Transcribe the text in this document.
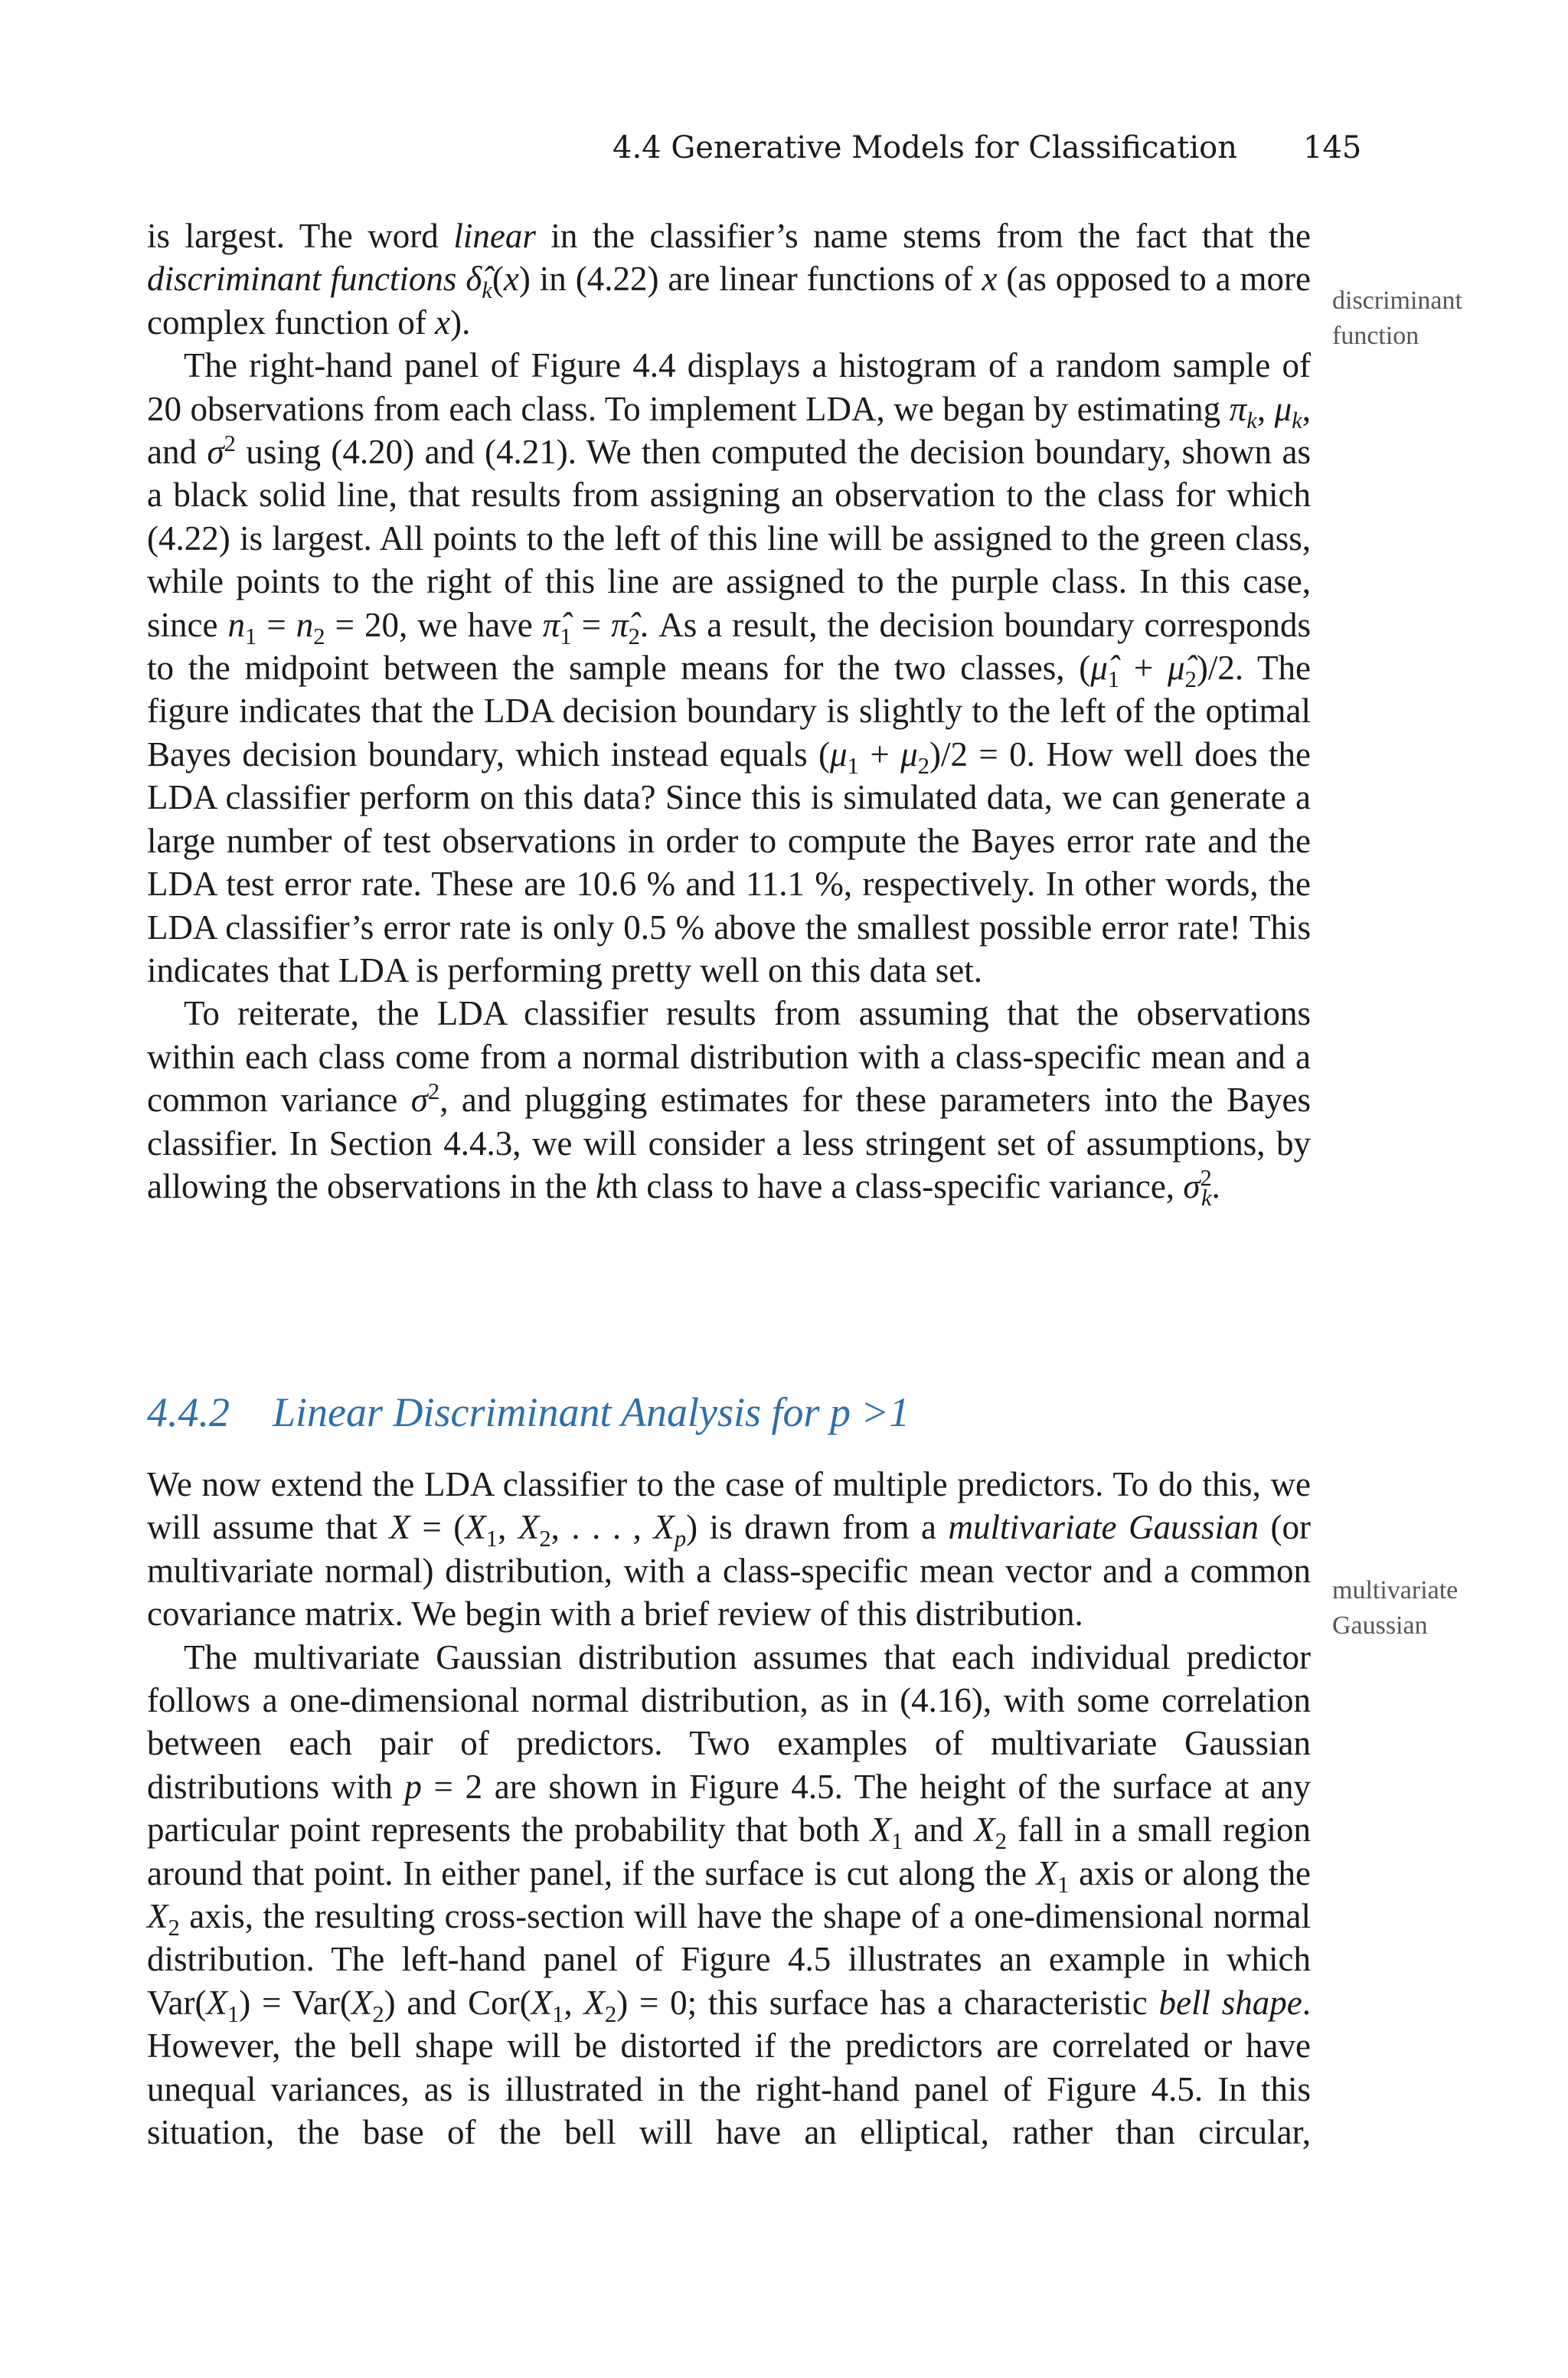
4.4 Generative Models for Classification 145

is largest. The word linear in the classifier’s name stems from the fact that the discriminant functions $\deltâ_k(x)$ in (4.22) are linear functions of x (as opposed to a more complex function of x).

The right-hand panel of Figure 4.4 displays a histogram of a random sample of 20 observations from each class. To implement LDA, we began by estimating $\pi_k$, $\mu_k$, and $\sigma^2$ using (4.20) and (4.21). We then computed the decision boundary, shown as a black solid line, that results from assigning an observation to the class for which (4.22) is largest. All points to the left of this line will be assigned to the green class, while points to the right of this line are assigned to the purple class. In this case, since $n_1 = n_2 = 20$, we have $\pî_1$ = $\pî_2$. As a result, the decision boundary corresponds to the midpoint between the sample means for the two classes, ($\mû_1$ + $\mû_2)/2$. The figure indicates that the LDA decision boundary is slightly to the left of the optimal Bayes decision boundary, which instead equals $(\mu_1 + \mu_2)/2 = 0$. How well does the LDA classifier perform on this data? Since this is simulated data, we can generate a large number of test observations in order to compute the Bayes error rate and the LDA test error rate. These are 10.6 % and 11.1 %, respectively. In other words, the LDA classifier’s error rate is only 0.5 % above the smallest possible error rate! This indicates that LDA is performing pretty well on this data set.

To reiterate, the LDA classifier results from assuming that the observations within each class come from a normal distribution with a class-specific mean and a common variance $\sigma^2$, and plugging estimates for these parameters into the Bayes classifier. In Section 4.4.3, we will consider a less stringent set of assumptions, by allowing the observations in the kth class to have a class-specific variance, $\sigma^2_k$.

discriminant function
4.4.2 Linear Discriminant Analysis for p >1

We now extend the LDA classifier to the case of multiple predictors. To do this, we will assume that $X = (X_1$, $X_2$, . . . , $X_p$) is drawn from a multivariate Gaussian (or multivariate normal) distribution, with a class-specific mean vector and a common covariance matrix. We begin with a brief review of this distribution.

The multivariate Gaussian distribution assumes that each individual predictor follows a one-dimensional normal distribution, as in (4.16), with some correlation between each pair of predictors. Two examples of multivariate Gaussian distributions with p = 2 are shown in Figure 4.5. The height of the surface at any particular point represents the probability that both $X_1$ and $X_2$ fall in a small region around that point. In either panel, if the surface is cut along the $X_1$ axis or along the $X_2$ axis, the resulting cross-section will have the shape of a one-dimensional normal distribution. The left-hand panel of Figure 4.5 illustrates an example in which $Var(X_1) = Var(X_2)$ and $Cor(X_1$, $X_2) = 0$; this surface has a characteristic bell shape. However, the bell shape will be distorted if the predictors are correlated or have unequal variances, as is illustrated in the right-hand panel of Figure 4.5. In this situation, the base of the bell will have an elliptical, rather than circular,

multivariate Gaussian
